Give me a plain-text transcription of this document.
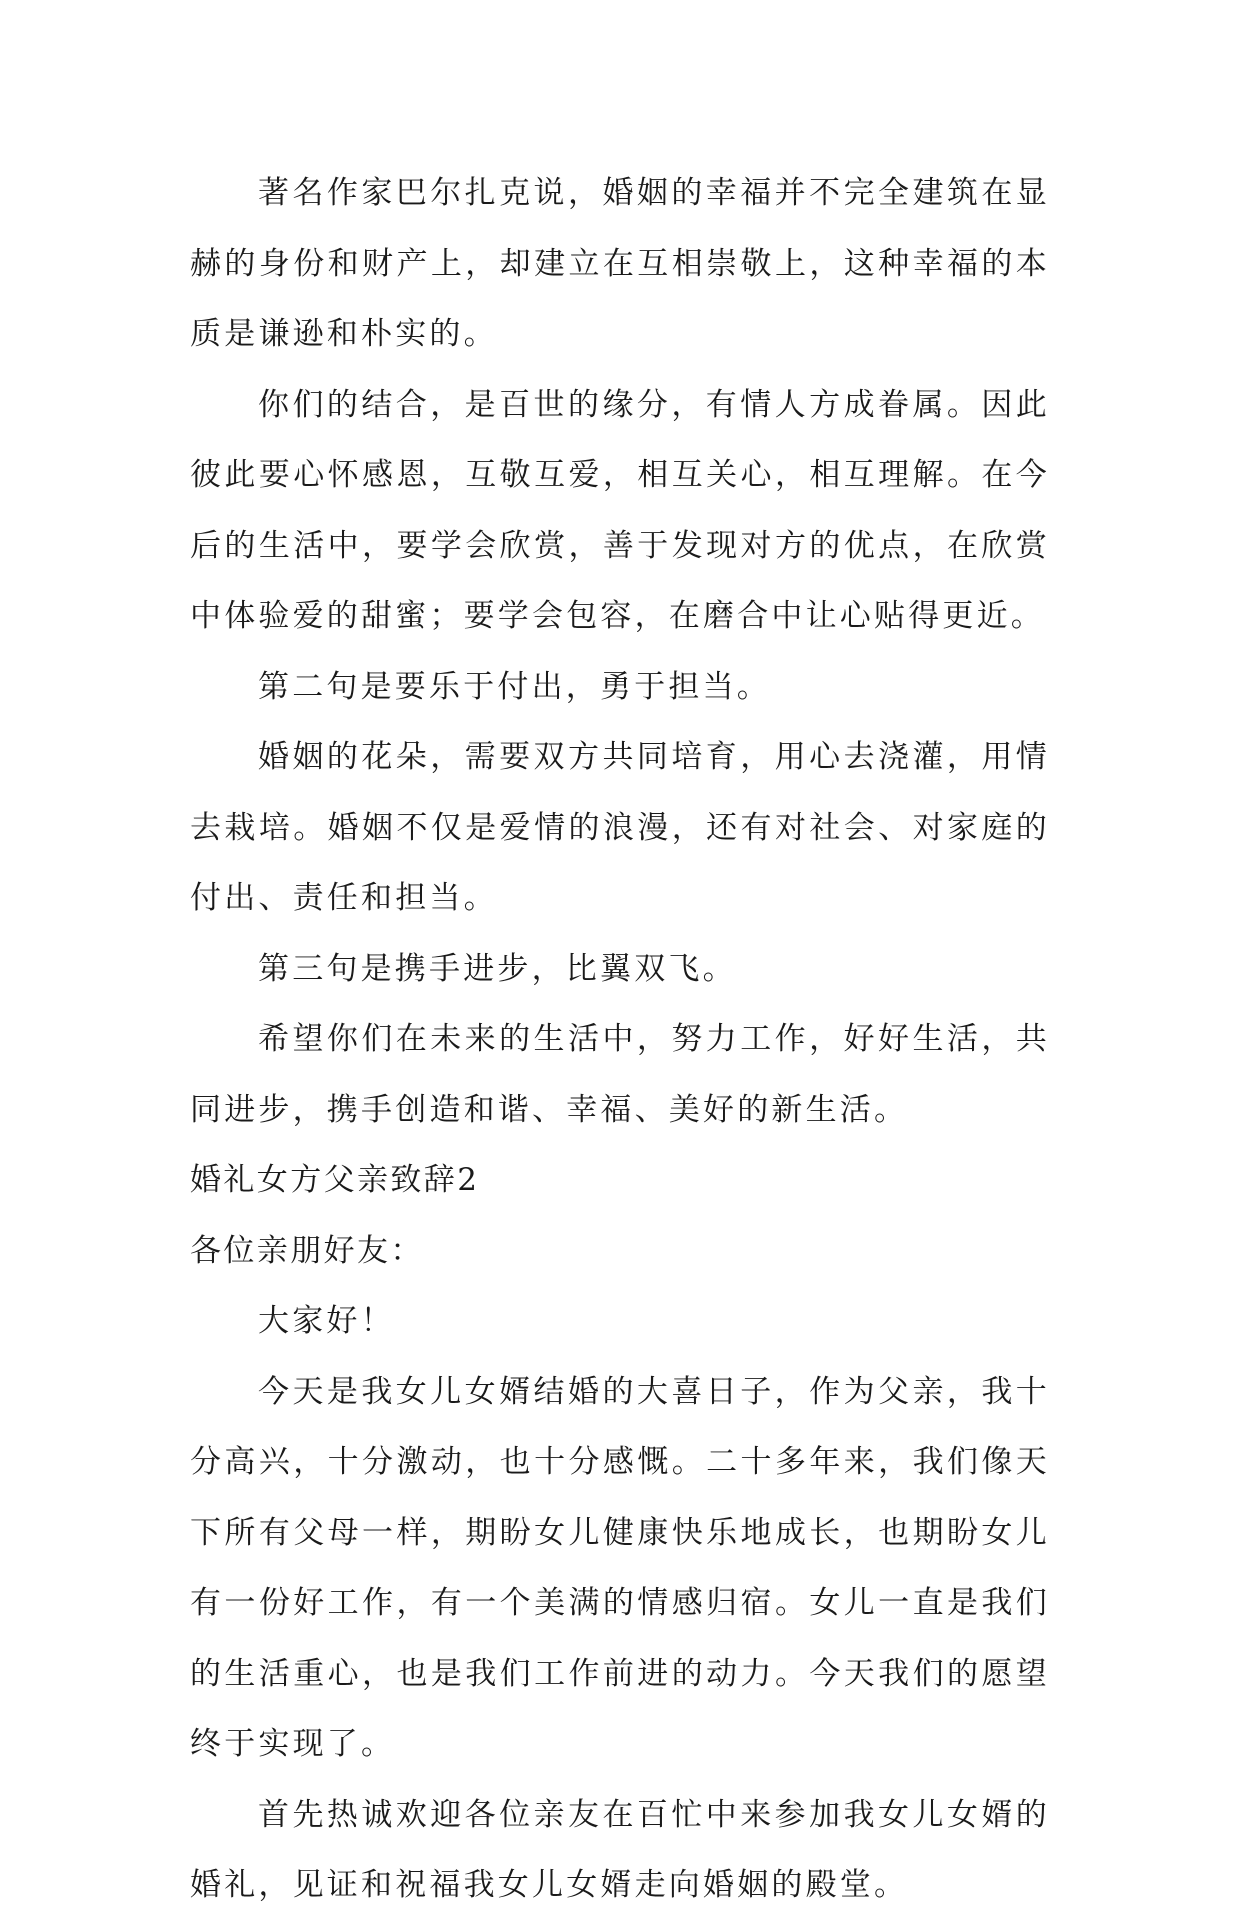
著名作家巴尔扎克说，婚姻的幸福并不完全建筑在显赫的身份和财产上，却建立在互相崇敬上，这种幸福的本质是谦逊和朴实的。

你们的结合，是百世的缘分，有情人方成眷属。因此彼此要心怀感恩，互敬互爱，相互关心，相互理解。在今后的生活中，要学会欣赏，善于发现对方的优点，在欣赏中体验爱的甜蜜；要学会包容，在磨合中让心贴得更近。

第二句是要乐于付出，勇于担当。

婚姻的花朵，需要双方共同培育，用心去浇灌，用情去栽培。婚姻不仅是爱情的浪漫，还有对社会、对家庭的付出、责任和担当。

第三句是携手进步，比翼双飞。

希望你们在未来的生活中，努力工作，好好生活，共同进步，携手创造和谐、幸福、美好的新生活。

婚礼女方父亲致辞2

各位亲朋好友：

大家好！

今天是我女儿女婿结婚的大喜日子，作为父亲，我十分高兴，十分激动，也十分感慨。二十多年来，我们像天下所有父母一样，期盼女儿健康快乐地成长，也期盼女儿有一份好工作，有一个美满的情感归宿。女儿一直是我们的生活重心，也是我们工作前进的动力。今天我们的愿望终于实现了。

首先热诚欢迎各位亲友在百忙中来参加我女儿女婿的婚礼，见证和祝福我女儿女婿走向婚姻的殿堂。
